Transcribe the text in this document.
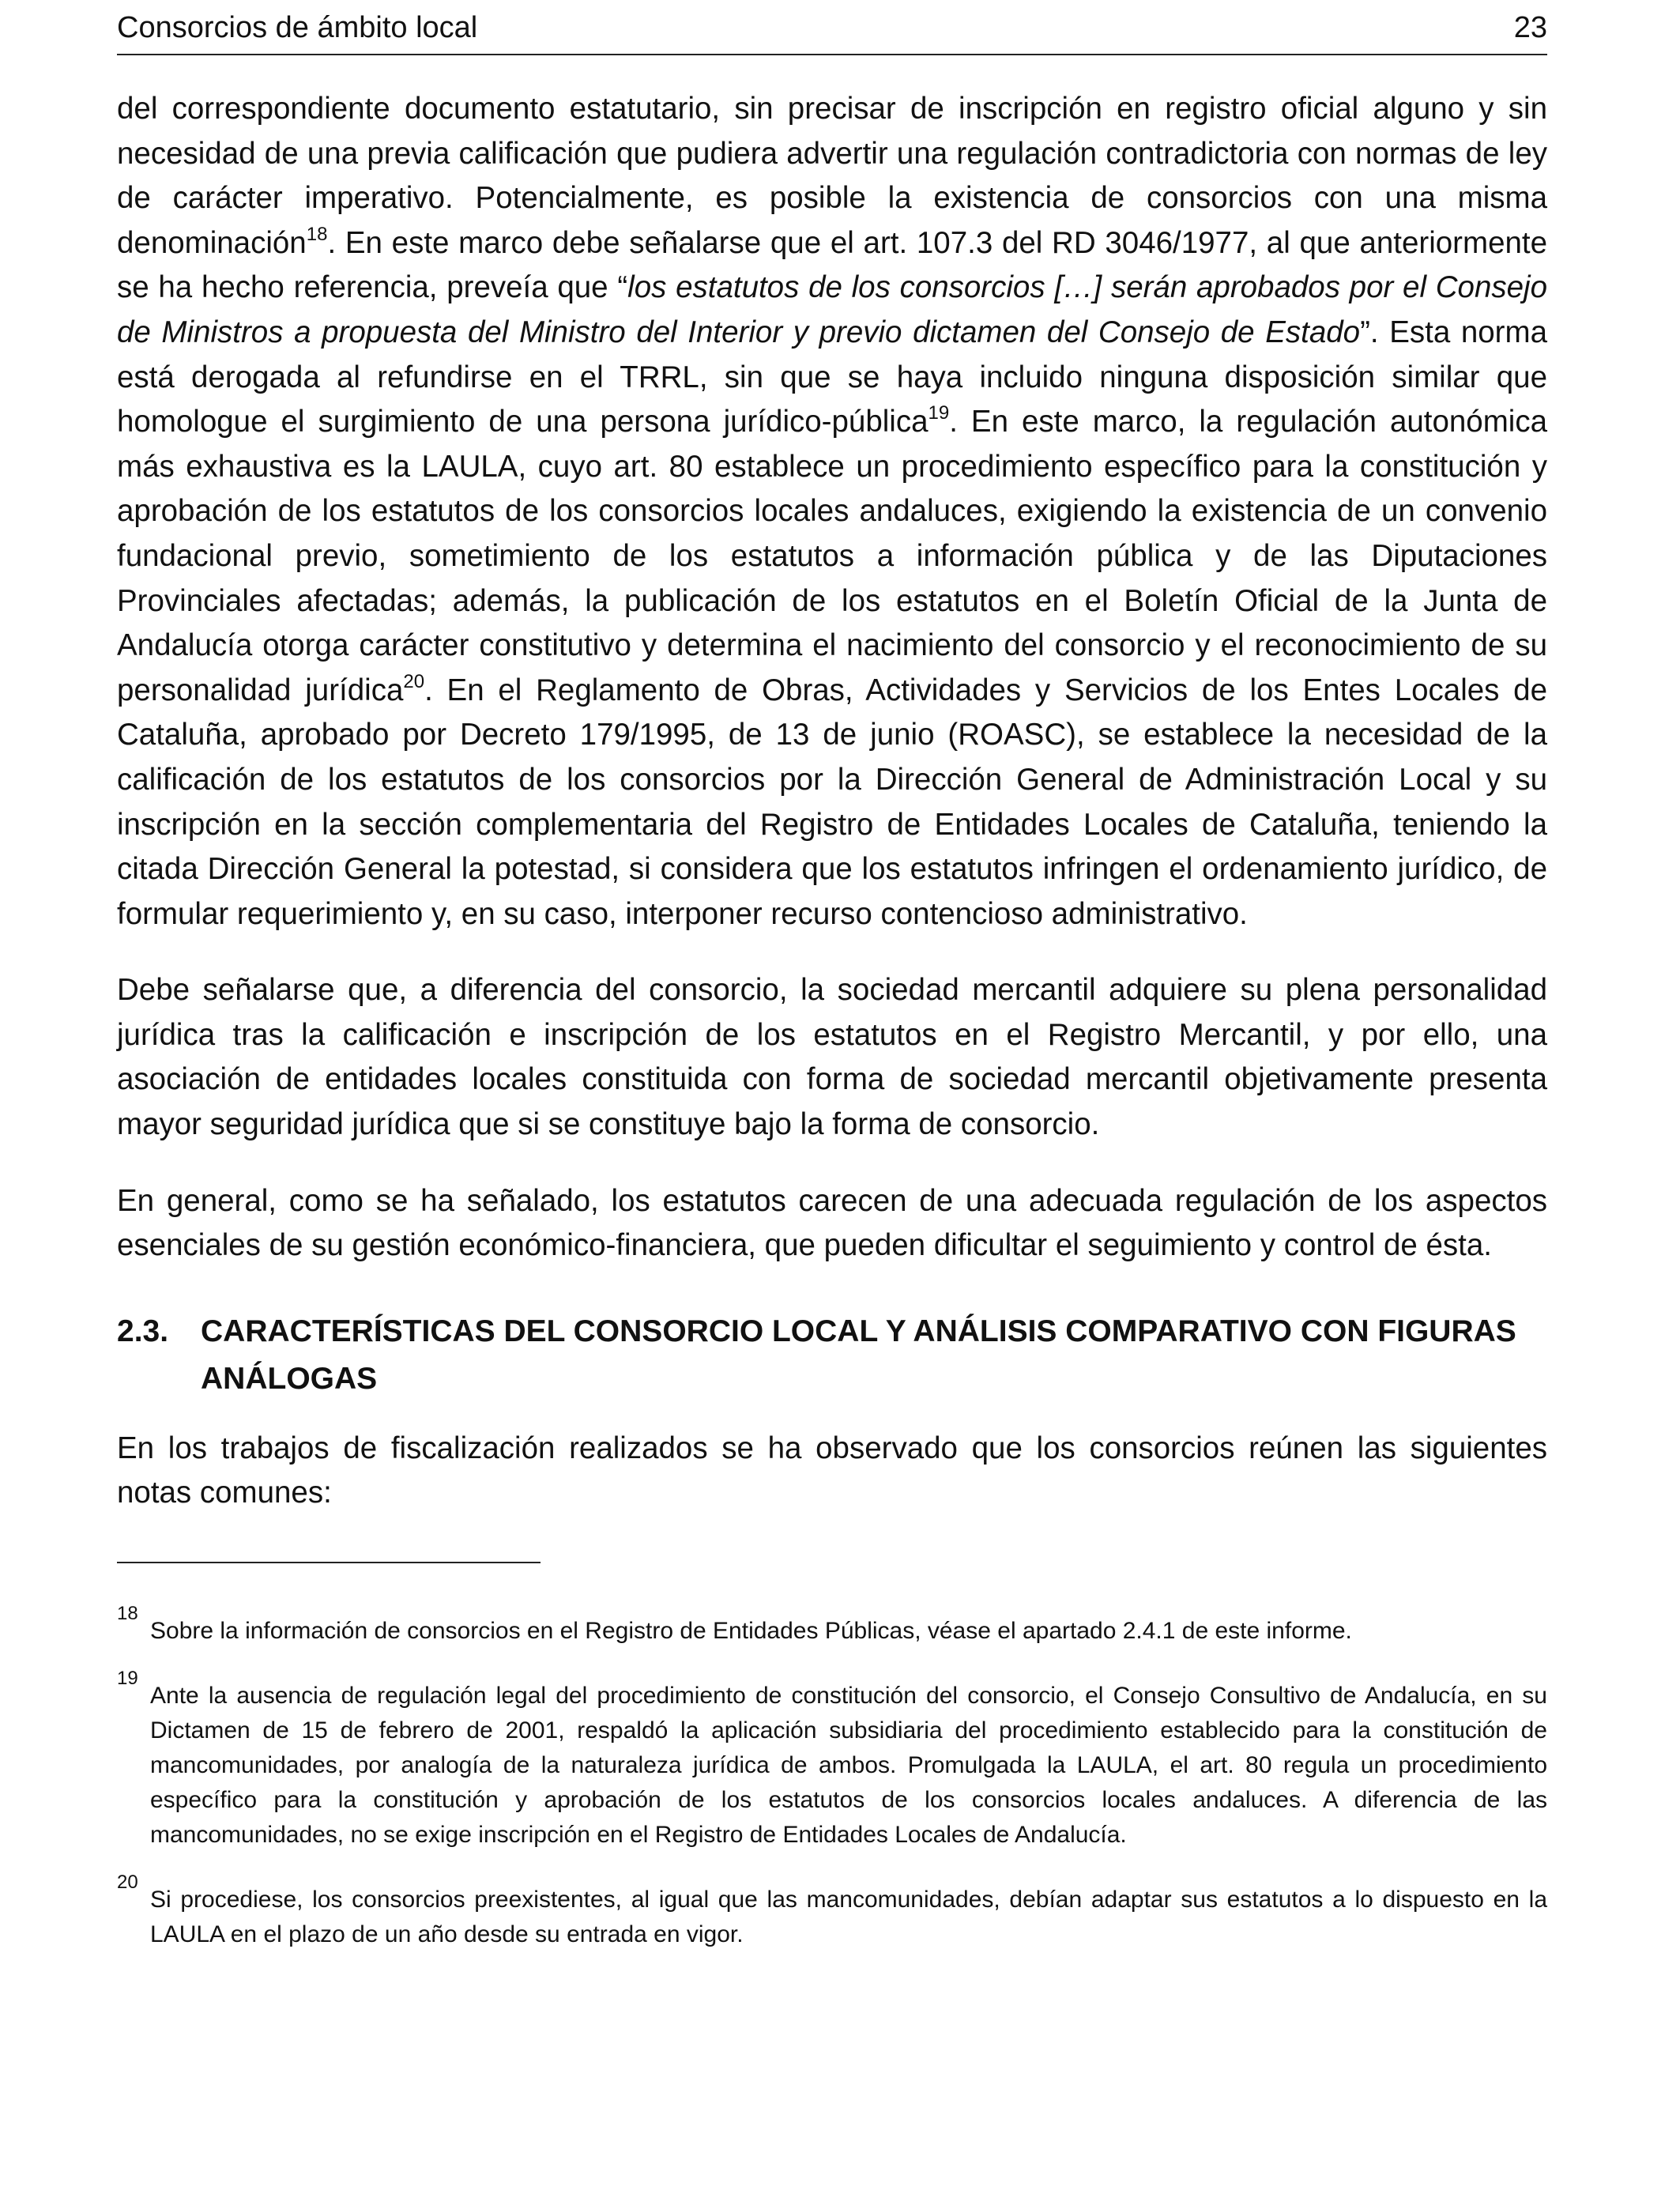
Consorcios de ámbito local	23

del correspondiente documento estatutario, sin precisar de inscripción en registro oficial alguno y sin necesidad de una previa calificación que pudiera advertir una regulación contradictoria con normas de ley de carácter imperativo. Potencialmente, es posible la existencia de consorcios con una misma denominación$^{18}$. En este marco debe señalarse que el art. 107.3 del RD 3046/1977, al que anteriormente se ha hecho referencia, preveía que “los estatutos de los consorcios […] serán aprobados por el Consejo de Ministros a propuesta del Ministro del Interior y previo dictamen del Consejo de Estado”. Esta norma está derogada al refundirse en el TRRL, sin que se haya incluido ninguna disposición similar que homologue el surgimiento de una persona jurídico-pública$^{19}$. En este marco, la regulación autonómica más exhaustiva es la LAULA, cuyo art. 80 establece un procedimiento específico para la constitución y aprobación de los estatutos de los consorcios locales andaluces, exigiendo la existencia de un convenio fundacional previo, sometimiento de los estatutos a información pública y de las Diputaciones Provinciales afectadas; además, la publicación de los estatutos en el Boletín Oficial de la Junta de Andalucía otorga carácter constitutivo y determina el nacimiento del consorcio y el reconocimiento de su personalidad jurídica$^{20}$. En el Reglamento de Obras, Actividades y Servicios de los Entes Locales de Cataluña, aprobado por Decreto 179/1995, de 13 de junio (ROASC), se establece la necesidad de la calificación de los estatutos de los consorcios por la Dirección General de Administración Local y su inscripción en la sección complementaria del Registro de Entidades Locales de Cataluña, teniendo la citada Dirección General la potestad, si considera que los estatutos infringen el ordenamiento jurídico, de formular requerimiento y, en su caso, interponer recurso contencioso administrativo.

Debe señalarse que, a diferencia del consorcio, la sociedad mercantil adquiere su plena personalidad jurídica tras la calificación e inscripción de los estatutos en el Registro Mercantil, y por ello, una asociación de entidades locales constituida con forma de sociedad mercantil objetivamente presenta mayor seguridad jurídica que si se constituye bajo la forma de consorcio.

En general, como se ha señalado, los estatutos carecen de una adecuada regulación de los aspectos esenciales de su gestión económico-financiera, que pueden dificultar el seguimiento y control de ésta.

2.3.	CARACTERÍSTICAS DEL CONSORCIO LOCAL Y ANÁLISIS COMPARATIVO CON FIGURAS ANÁLOGAS

En los trabajos de fiscalización realizados se ha observado que los consorcios reúnen las siguientes notas comunes:

18
Sobre la información de consorcios en el Registro de Entidades Públicas, véase el apartado 2.4.1 de este informe.
19
Ante la ausencia de regulación legal del procedimiento de constitución del consorcio, el Consejo Consultivo de Andalucía, en su Dictamen de 15 de febrero de 2001, respaldó la aplicación subsidiaria del procedimiento establecido para la constitución de mancomunidades, por analogía de la naturaleza jurídica de ambos. Promulgada la LAULA, el art. 80 regula un procedimiento específico para la constitución y aprobación de los estatutos de los consorcios locales andaluces. A diferencia de las mancomunidades, no se exige inscripción en el Registro de Entidades Locales de Andalucía.
20
Si procediese, los consorcios preexistentes, al igual que las mancomunidades, debían adaptar sus estatutos a lo dispuesto en la LAULA en el plazo de un año desde su entrada en vigor.
